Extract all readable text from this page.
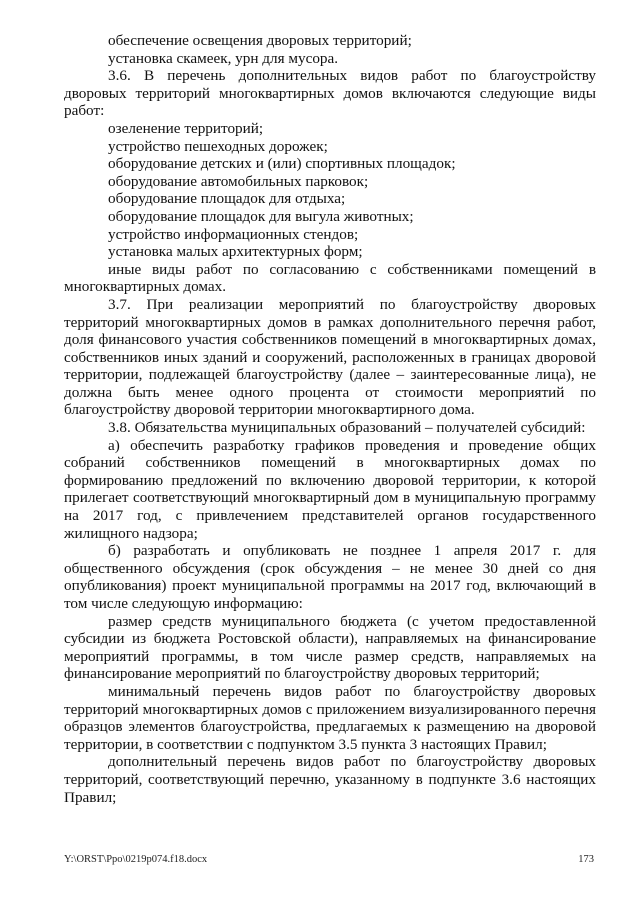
обеспечение освещения дворовых территорий;

установка скамеек, урн для мусора.

3.6. В перечень дополнительных видов работ по благоустройству дворовых территорий многоквартирных домов включаются следующие виды работ:

озеленение территорий;

устройство пешеходных дорожек;

оборудование детских и (или) спортивных площадок;

оборудование автомобильных парковок;

оборудование площадок для отдыха;

оборудование площадок для выгула животных;

устройство информационных стендов;

установка малых архитектурных форм;

иные виды работ по согласованию с собственниками помещений в многоквартирных домах.

3.7. При реализации мероприятий по благоустройству дворовых территорий многоквартирных домов в рамках дополнительного перечня работ, доля финансового участия собственников помещений в многоквартирных домах, собственников иных зданий и сооружений, расположенных в границах дворовой территории, подлежащей благоустройству (далее – заинтересованные лица), не должна быть менее одного процента от стоимости мероприятий по благоустройству дворовой территории многоквартирного дома.

3.8. Обязательства муниципальных образований – получателей субсидий:

а) обеспечить разработку графиков проведения и проведение общих собраний собственников помещений в многоквартирных домах по формированию предложений по включению дворовой территории, к которой прилегает соответствующий многоквартирный дом в муниципальную программу на 2017 год, с привлечением представителей органов государственного жилищного надзора;

б) разработать и опубликовать не позднее 1 апреля 2017 г. для общественного обсуждения (срок обсуждения – не менее 30 дней со дня опубликования) проект муниципальной программы на 2017 год, включающий в том числе следующую информацию:

размер средств муниципального бюджета (с учетом предоставленной субсидии из бюджета Ростовской области), направляемых на финансирование мероприятий программы, в том числе размер средств, направляемых на финансирование мероприятий по благоустройству дворовых территорий;

минимальный перечень видов работ по благоустройству дворовых территорий многоквартирных домов с приложением визуализированного перечня образцов элементов благоустройства, предлагаемых к размещению на дворовой территории, в соответствии с подпунктом 3.5 пункта 3 настоящих Правил;

дополнительный перечень видов работ по благоустройству дворовых территорий, соответствующий перечню, указанному в подпункте 3.6 настоящих Правил;

Y:\ORST\Ppo\0219p074.f18.docx	173
